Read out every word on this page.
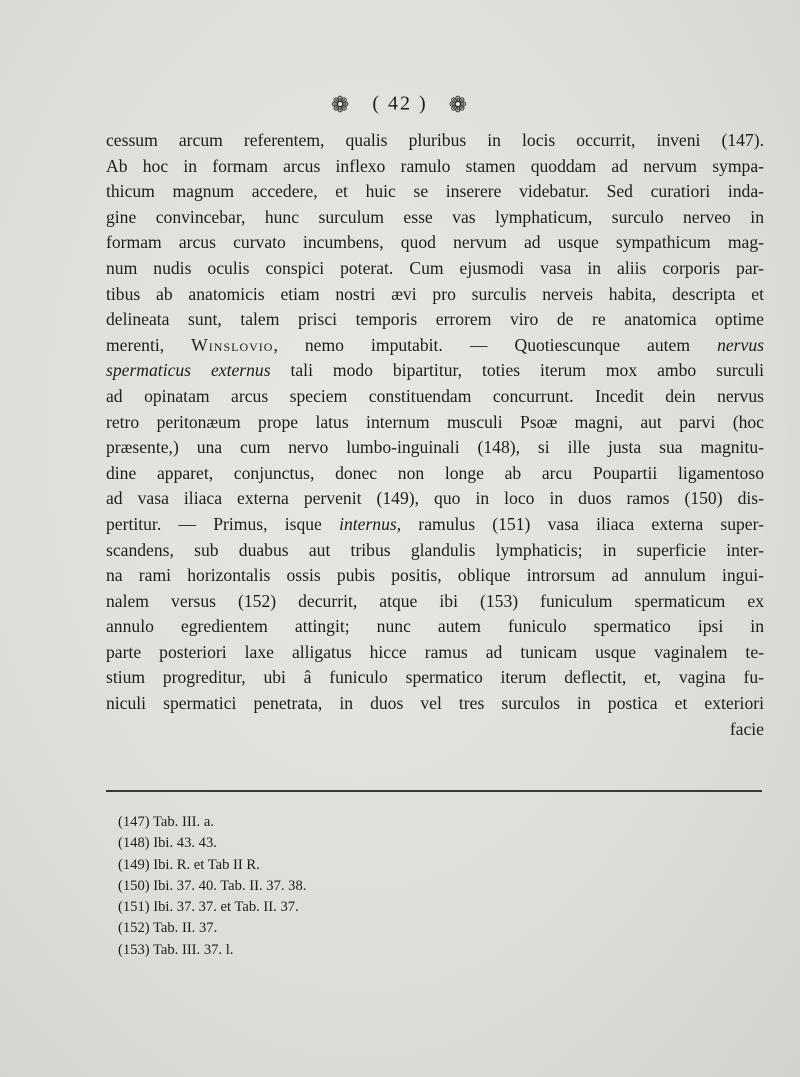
❁ ( 42 ) ❁
cessum arcum referentem, qualis pluribus in locis occurrit, inveni (147).
Ab hoc in formam arcus inflexo ramulo stamen quoddam ad nervum sympa-
thicum magnum accedere, et huic se inserere videbatur. Sed curatiori inda-
gine convincebar, hunc surculum esse vas lymphaticum, surculo nerveo in
formam arcus curvato incumbens, quod nervum ad usque sympathicum mag-
num nudis oculis conspici poterat. Cum ejusmodi vasa in aliis corporis par-
tibus ab anatomicis etiam nostri ævi pro surculis nerveis habita, descripta et
delineata sunt, talem prisci temporis errorem viro de re anatomica optime
merenti, Winslovio, nemo imputabit. — Quotiescunque autem nervus
spermaticus externus tali modo bipartitur, toties iterum mox ambo surculi
ad opinatam arcus speciem constituendam concurrunt. Incedit dein nervus
retro peritonæum prope latus internum musculi Psoæ magni, aut parvi (hoc
præsente,) una cum nervo lumbo-inguinali (148), si ille justa sua magnitu-
dine apparet, conjunctus, donec non longe ab arcu Poupartii ligamentoso
ad vasa iliaca externa pervenit (149), quo in loco in duos ramos (150) dis-
pertitur. — Primus, isque internus, ramulus (151) vasa iliaca externa super-
scandens, sub duabus aut tribus glandulis lymphaticis; in superficie inter-
na rami horizontalis ossis pubis positis, oblique introrsum ad annulum ingui-
nalem versus (152) decurrit, atque ibi (153) funiculum spermaticum ex
annulo egredientem attingit; nunc autem funiculo spermatico ipsi in
parte posteriori laxe alligatus hicce ramus ad tunicam usque vaginalem te-
stium progreditur, ubi â funiculo spermatico iterum deflectit, et, vagina fu-
niculi spermatici penetrata, in duos vel tres surculos in postica et exteriori
facie
(147) Tab. III. a.
(148) Ibi. 43. 43.
(149) Ibi. R. et Tab II R.
(150) Ibi. 37. 40. Tab. II. 37. 38.
(151) Ibi. 37. 37. et Tab. II. 37.
(152) Tab. II. 37.
(153) Tab. III. 37. l.
